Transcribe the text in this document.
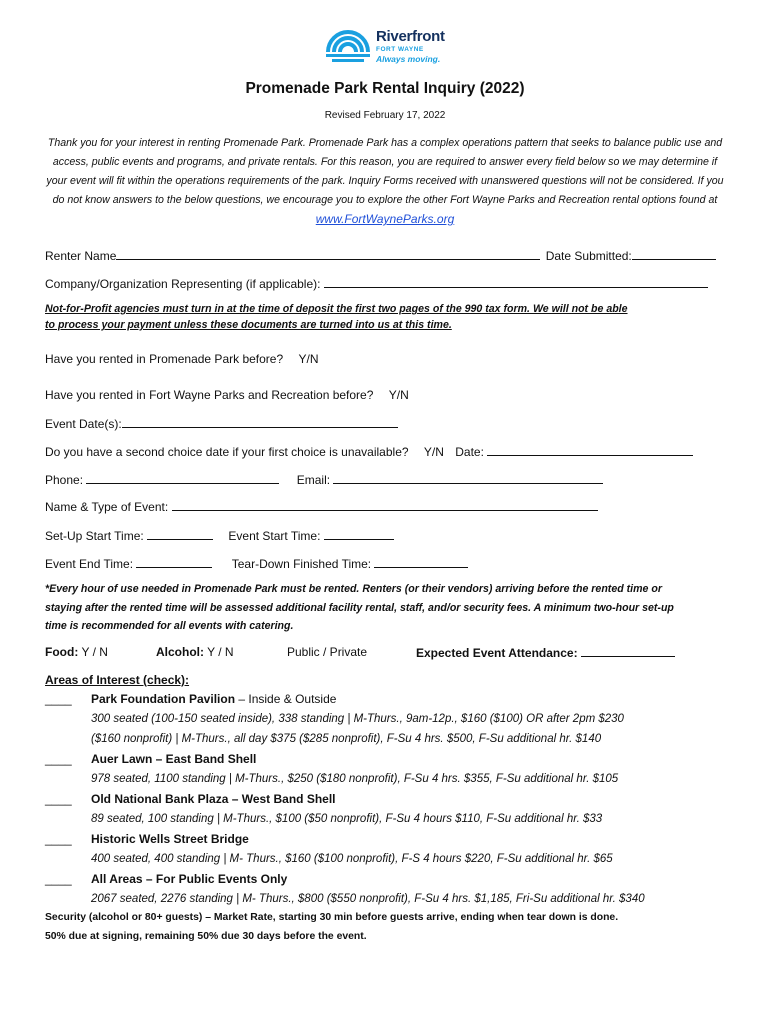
Riverfront
FORT WAYNE
Always moving.
Promenade Park Rental Inquiry (2022)
Revised February 17, 2022
Thank you for your interest in renting Promenade Park. Promenade Park has a complex operations pattern that seeks to balance public use and access, public events and programs, and private rentals. For this reason, you are required to answer every field below so we may determine if your event will fit within the operations requirements of the park. Inquiry Forms received with unanswered questions will not be considered. If you do not know answers to the below questions, we encourage you to explore the other Fort Wayne Parks and Recreation rental options found at www.FortWayneParks.org
Renter Name	Date Submitted:
Company/Organization Representing (if applicable):
Not-for-Profit agencies must turn in at the time of deposit the first two pages of the 990 tax form. We will not be able
to process your payment unless these documents are turned into us at this time.
Have you rented in Promenade Park before? Y/N
Have you rented in Fort Wayne Parks and Recreation before? Y/N
Event Date(s):
Do you have a second choice date if your first choice is unavailable? Y/N Date:
Phone:	Email:
Name & Type of Event:
Set-Up Start Time:	Event Start Time:
Event End Time:	Tear-Down Finished Time:
*Every hour of use needed in Promenade Park must be rented. Renters (or their vendors) arriving before the rented time or
staying after the rented time will be assessed additional facility rental, staff, and/or security fees. A minimum two-hour set-up
time is recommended for all events with catering.
Food: Y / N	Alcohol: Y / N	Public / Private	Expected Event Attendance:
Areas of Interest (check):
____ Park Foundation Pavilion – Inside & Outside
300 seated (100-150 seated inside), 338 standing | M-Thurs., 9am-12p., $160 ($100) OR after 2pm $230
($160 nonprofit) | M-Thurs., all day $375 ($285 nonprofit), F-Su 4 hrs. $500, F-Su additional hr. $140
____ Auer Lawn – East Band Shell
978 seated, 1100 standing | M-Thurs., $250 ($180 nonprofit), F-Su 4 hrs. $355, F-Su additional hr. $105
____ Old National Bank Plaza – West Band Shell
89 seated, 100 standing | M-Thurs., $100 ($50 nonprofit), F-Su 4 hours $110, F-Su additional hr. $33
____ Historic Wells Street Bridge
400 seated, 400 standing | M- Thurs., $160 ($100 nonprofit), F-S 4 hours $220, F-Su additional hr. $65
____ All Areas – For Public Events Only
2067 seated, 2276 standing | M- Thurs., $800 ($550 nonprofit), F-Su 4 hrs. $1,185, Fri-Su additional hr. $340
Security (alcohol or 80+ guests) – Market Rate, starting 30 min before guests arrive, ending when tear down is done.
50% due at signing, remaining 50% due 30 days before the event.
